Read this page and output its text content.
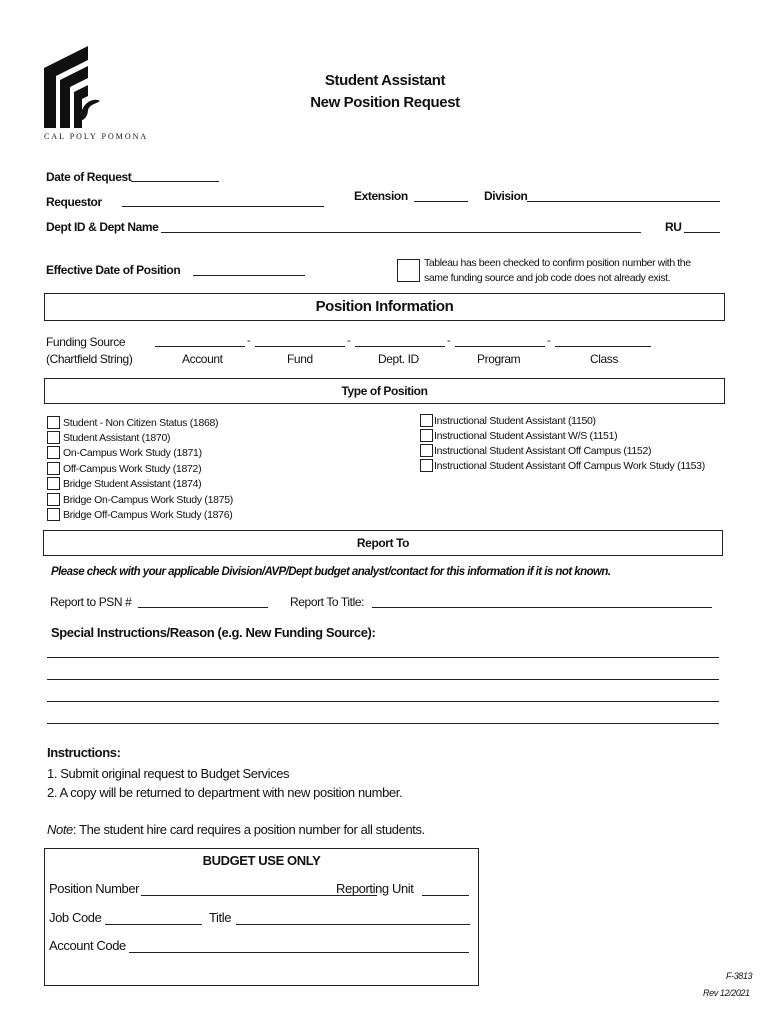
CAL POLY POMONA
Student Assistant
New Position Request
Date of Request
Requestor	Extension	Division
Dept ID & Dept Name	RU
Effective Date of Position	Tableau has been checked to confirm position number with the
same funding source and job code does not already exist.
Position Information
Funding Source
(Chartfield String)
-	-	-	-
Account	Fund	Dept. ID	Program	Class
Type of Position
Student - Non Citizen Status (1868)
Student Assistant (1870)
On-Campus Work Study (1871)
Off-Campus Work Study (1872)
Bridge Student Assistant (1874)
Bridge On-Campus Work Study (1875)
Bridge Off-Campus Work Study (1876)
Instructional Student Assistant (1150)
Instructional Student Assistant W/S (1151)
Instructional Student Assistant Off Campus (1152)
Instructional Student Assistant Off Campus Work Study (1153)
Report To
Please check with your applicable Division/AVP/Dept budget analyst/contact for this information if it is not known.
Report to PSN #	Report To Title:
Special Instructions/Reason (e.g. New Funding Source):
Instructions:
1. Submit original request to Budget Services
2. A copy will be returned to department with new position number.
Note: The student hire card requires a position number for all students.
BUDGET USE ONLY
Position Number	Reporting Unit
Job Code	Title
Account Code
F-3813
Rev 12/2021
